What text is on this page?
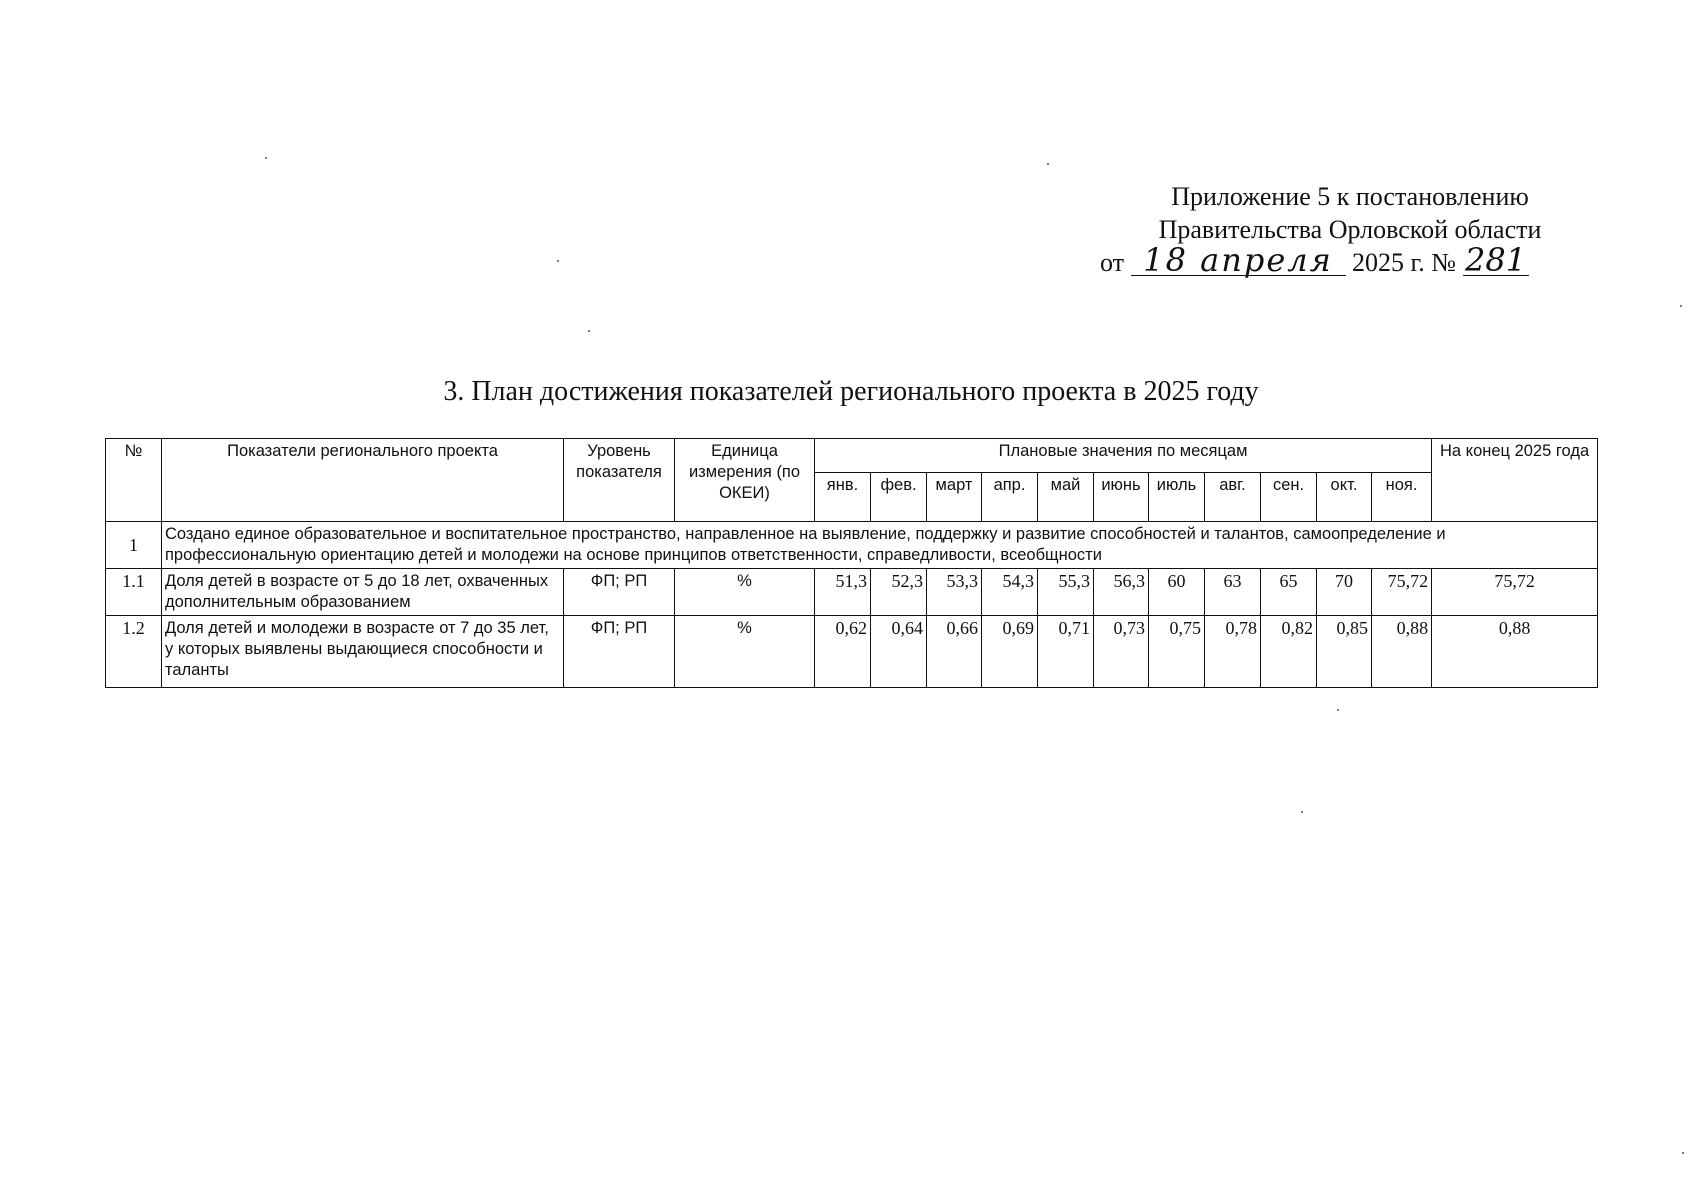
Приложение 5 к постановлению
Правительства Орловской области
от 18 апреля 2025 г. № 281
3. План достижения показателей регионального проекта в 2025 году
№	Показатели регионального проекта	Уровень показателя	Единица измерения (по ОКЕИ)	Плановые значения по месяцам											На конец 2025 года
				янв.	фев.	март	апр.	май	июнь	июль	авг.	сен.	окт.	ноя.	
1	Создано единое образовательное и воспитательное пространство, направленное на выявление, поддержку и развитие способностей и талантов, самоопределение и профессиональную ориентацию детей и молодежи на основе принципов ответственности, справедливости, всеобщности														
1.1	Доля детей в возрасте от 5 до 18 лет, охваченных дополнительным образованием	ФП; РП	%	51,3	52,3	53,3	54,3	55,3	56,3	60	63	65	70	75,72	75,72
1.2	Доля детей и молодежи в возрасте от 7 до 35 лет, у которых выявлены выдающиеся способности и таланты	ФП; РП	%	0,62	0,64	0,66	0,69	0,71	0,73	0,75	0,78	0,82	0,85	0,88	0,88
